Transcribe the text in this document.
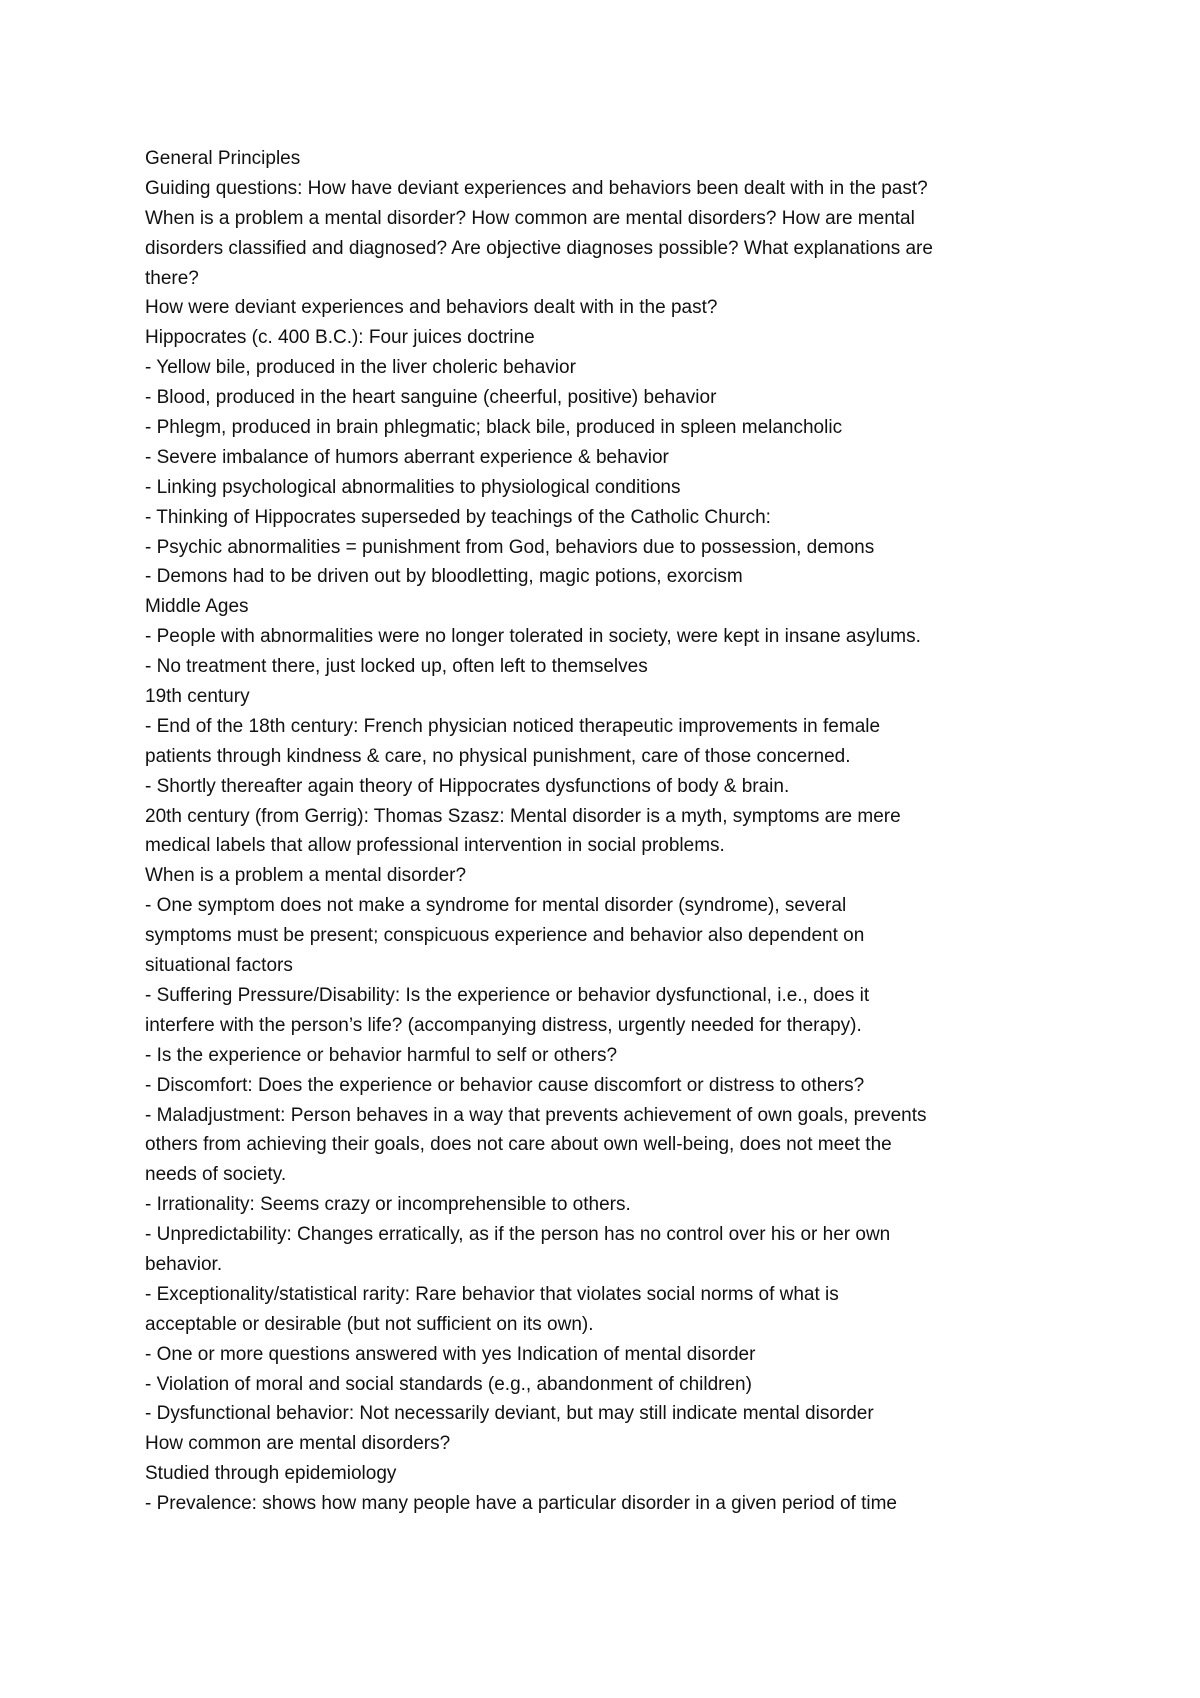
General Principles
Guiding questions: How have deviant experiences and behaviors been dealt with in the past?
When is a problem a mental disorder? How common are mental disorders? How are mental
disorders classified and diagnosed? Are objective diagnoses possible? What explanations are
there?
How were deviant experiences and behaviors dealt with in the past?
Hippocrates (c. 400 B.C.): Four juices doctrine
- Yellow bile, produced in the liver choleric behavior
- Blood, produced in the heart sanguine (cheerful, positive) behavior
- Phlegm, produced in brain phlegmatic; black bile, produced in spleen melancholic
- Severe imbalance of humors aberrant experience & behavior
- Linking psychological abnormalities to physiological conditions
- Thinking of Hippocrates superseded by teachings of the Catholic Church:
- Psychic abnormalities = punishment from God, behaviors due to possession, demons
- Demons had to be driven out by bloodletting, magic potions, exorcism
Middle Ages
- People with abnormalities were no longer tolerated in society, were kept in insane asylums.
- No treatment there, just locked up, often left to themselves
19th century
- End of the 18th century: French physician noticed therapeutic improvements in female
patients through kindness & care, no physical punishment, care of those concerned.
- Shortly thereafter again theory of Hippocrates dysfunctions of body & brain.
20th century (from Gerrig): Thomas Szasz: Mental disorder is a myth, symptoms are mere
medical labels that allow professional intervention in social problems.
When is a problem a mental disorder?
- One symptom does not make a syndrome for mental disorder (syndrome), several
symptoms must be present; conspicuous experience and behavior also dependent on
situational factors
- Suffering Pressure/Disability: Is the experience or behavior dysfunctional, i.e., does it
interfere with the person’s life? (accompanying distress, urgently needed for therapy).
- Is the experience or behavior harmful to self or others?
- Discomfort: Does the experience or behavior cause discomfort or distress to others?
- Maladjustment: Person behaves in a way that prevents achievement of own goals, prevents
others from achieving their goals, does not care about own well-being, does not meet the
needs of society.
- Irrationality: Seems crazy or incomprehensible to others.
- Unpredictability: Changes erratically, as if the person has no control over his or her own
behavior.
- Exceptionality/statistical rarity: Rare behavior that violates social norms of what is
acceptable or desirable (but not sufficient on its own).
- One or more questions answered with yes Indication of mental disorder
- Violation of moral and social standards (e.g., abandonment of children)
- Dysfunctional behavior: Not necessarily deviant, but may still indicate mental disorder
How common are mental disorders?
Studied through epidemiology
- Prevalence: shows how many people have a particular disorder in a given period of time
